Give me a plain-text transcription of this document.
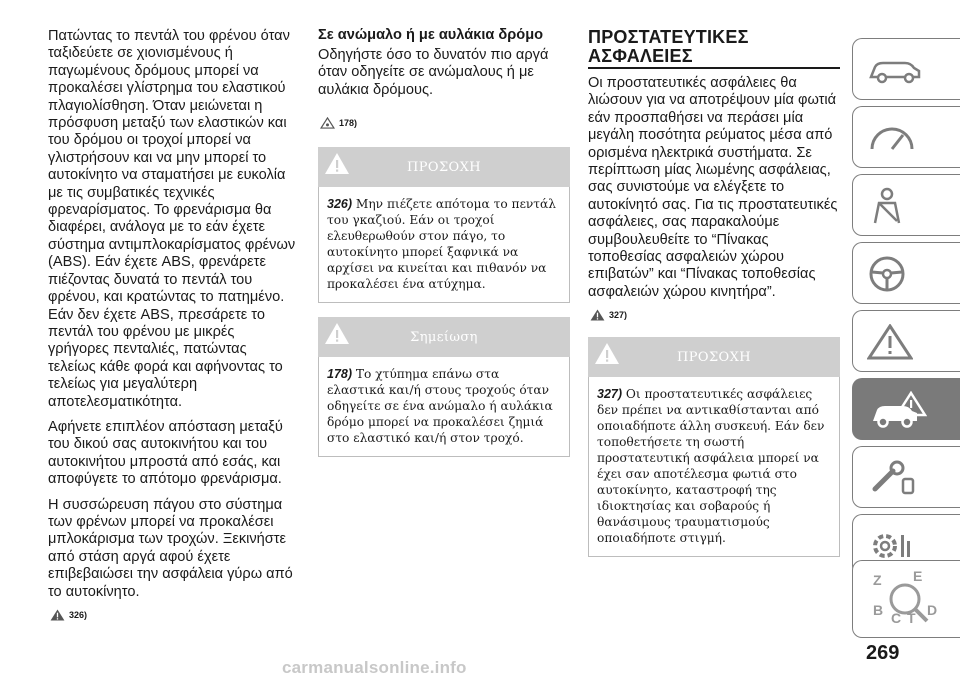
Πατώντας το πεντάλ του φρένου όταν ταξιδεύετε σε χιονισμένους ή παγωμένους δρόμους μπορεί να προκαλέσει γλίστρημα του ελαστικού πλαγιολίσθηση. Όταν μειώνεται η πρόσφυση μεταξύ των ελαστικών και του δρόμου οι τροχοί μπορεί να γλιστρήσουν και να μην μπορεί το αυτοκίνητο να σταματήσει με ευκολία με τις συμβατικές τεχνικές φρεναρίσματος. Το φρενάρισμα θα διαφέρει, ανάλογα με το εάν έχετε σύστημα αντιμπλοκαρίσματος φρένων (ABS). Εάν έχετε ABS, φρενάρετε πιέζοντας δυνατά το πεντάλ του φρένου, και κρατώντας το πατημένο. Εάν δεν έχετε ABS, πρεσάρετε το πεντάλ του φρένου με μικρές γρήγορες πενταλιές, πατώντας τελείως κάθε φορά και αφήνοντας το τελείως για μεγαλύτερη αποτελεσματικότητα.

Αφήνετε επιπλέον απόσταση μεταξύ του δικού σας αυτοκινήτου και του αυτοκινήτου μπροστά από εσάς, και αποφύγετε το απότομο φρενάρισμα.

Η συσσώρευση πάγου στο σύστημα των φρένων μπορεί να προκαλέσει μπλοκάρισμα των τροχών. Ξεκινήστε από στάση αργά αφού έχετε επιβεβαιώσει την ασφάλεια γύρω από το αυτοκίνητο.

326)
Σε ανώμαλο ή με αυλάκια δρόμο

Οδηγήστε όσο το δυνατόν πιο αργά όταν οδηγείτε σε ανώμαλους ή με αυλάκια δρόμους.

178)
ΠΡΟΣΟΧΗ
326) Μην πιέζετε απότομα το πεντάλ του γκαζιού. Εάν οι τροχοί ελευθερωθούν στον πάγο, το αυτοκίνητο μπορεί ξαφνικά να αρχίσει να κινείται και πιθανόν να προκαλέσει ένα ατύχημα.
Σημείωση
178) Το χτύπημα επάνω στα ελαστικά και/ή στους τροχούς όταν οδηγείτε σε ένα ανώμαλο ή αυλάκια δρόμο μπορεί να προκαλέσει ζημιά στο ελαστικό και/ή στον τροχό.
ΠΡΟΣΤΑΤΕΥΤΙΚΕΣ
ΑΣΦΑΛΕΙΕΣ

Οι προστατευτικές ασφάλειες θα λιώσουν για να αποτρέψουν μία φωτιά εάν προσπαθήσει να περάσει μία μεγάλη ποσότητα ρεύματος μέσα από ορισμένα ηλεκτρικά συστήματα. Σε περίπτωση μίας λιωμένης ασφάλειας, σας συνιστούμε να ελέγξετε το αυτοκίνητό σας. Για τις προστατευτικές ασφάλειες, σας παρακαλούμε συμβουλευθείτε το “Πίνακας τοποθεσίας ασφαλειών χώρου επιβατών” και “Πίνακας τοποθεσίας ασφαλειών χώρου κινητήρα”.

327)
ΠΡΟΣΟΧΗ
327) Οι προστατευτικές ασφάλειες δεν πρέπει να αντικαθίστανται από οποιαδήποτε άλλη συσκευή. Εάν δεν τοποθετήσετε τη σωστή προστατευτική ασφάλεια μπορεί να έχει σαν αποτέλεσμα φωτιά στο αυτοκίνητο, καταστροφή της ιδιοκτησίας και σοβαρούς ή θανάσιμους τραυματισμούς οποιαδήποτε στιγμή.
Z E
B C T D
269
carmanualsonline.info
